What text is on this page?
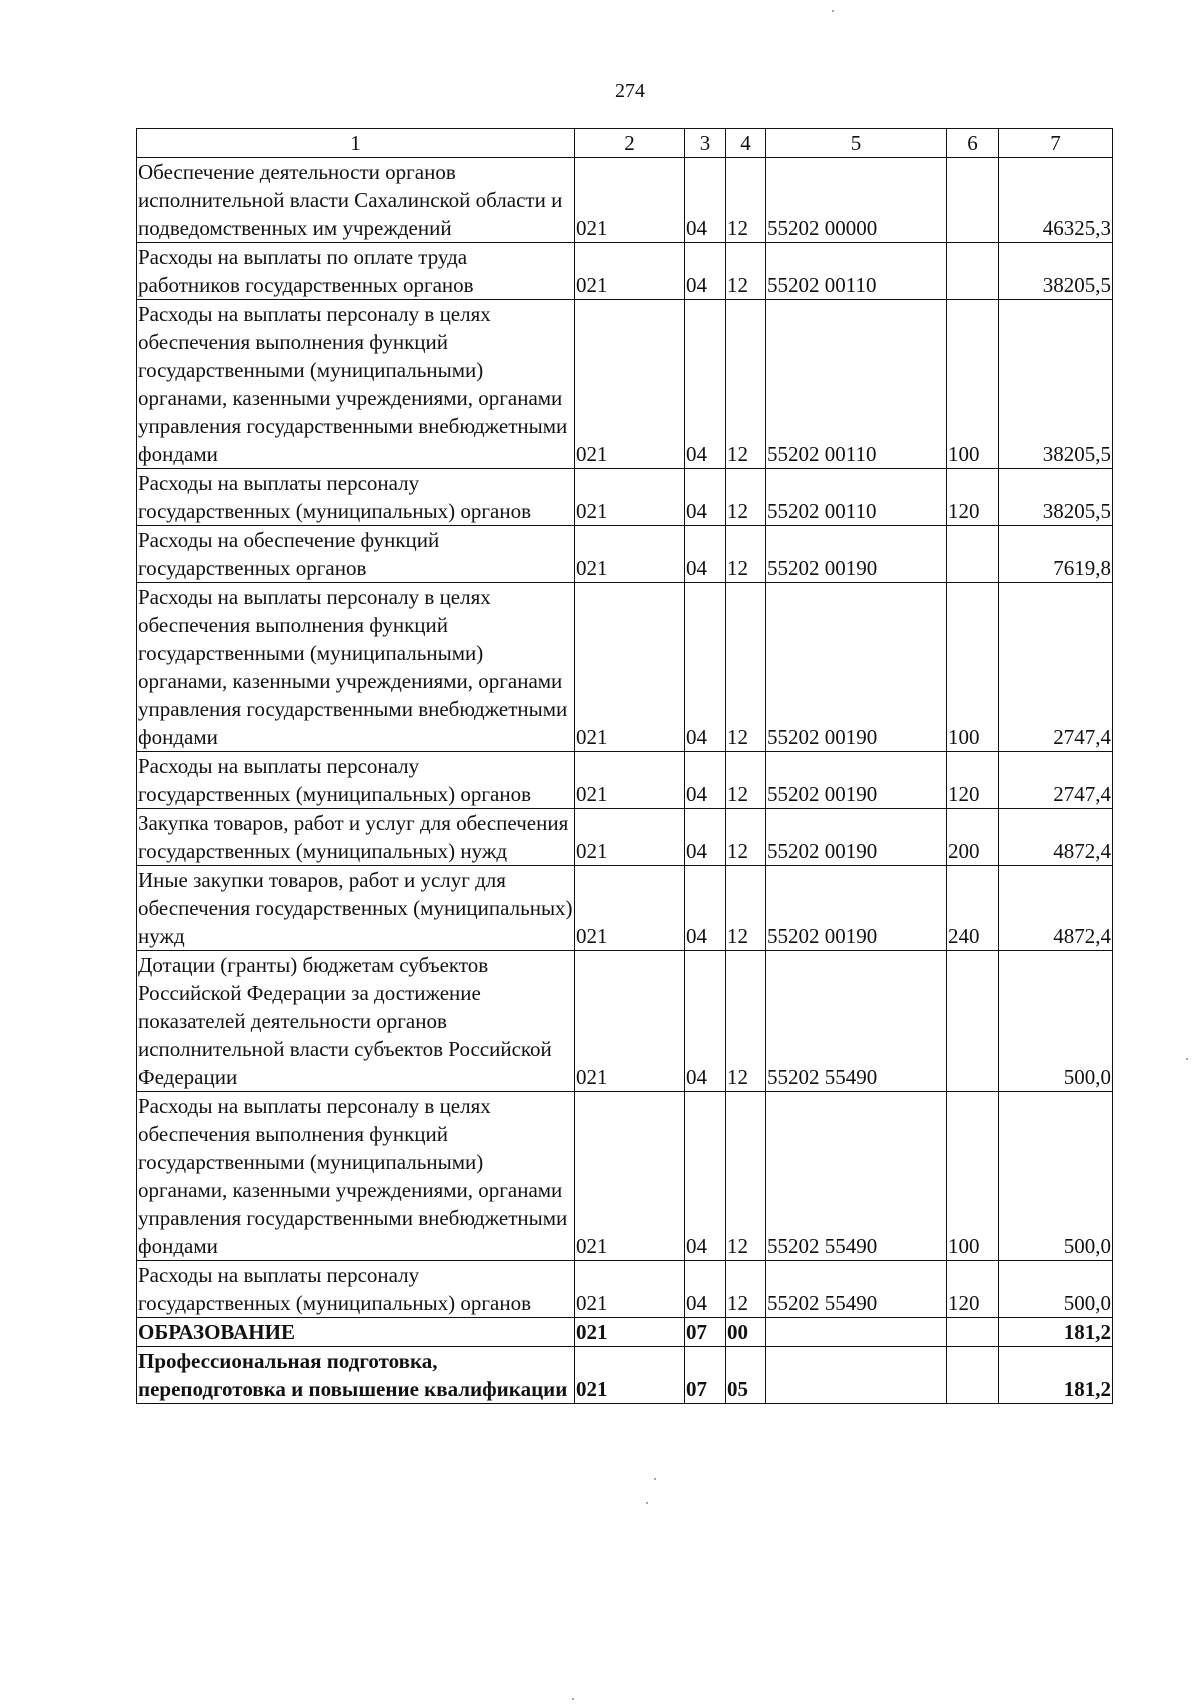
274
1	2	3	4	5	6	7
Обеспечение деятельности органов исполнительной власти Сахалинской области и подведомственных им учреждений	021	04	12	55202 00000		46325,3
Расходы на выплаты по оплате труда работников государственных органов	021	04	12	55202 00110		38205,5
Расходы на выплаты персоналу в целях обеспечения выполнения функций государственными (муниципальными) органами, казенными учреждениями, органами управления государственными внебюджетными фондами	021	04	12	55202 00110	100	38205,5
Расходы на выплаты персоналу государственных (муниципальных) органов	021	04	12	55202 00110	120	38205,5
Расходы на обеспечение функций государственных органов	021	04	12	55202 00190		7619,8
Расходы на выплаты персоналу в целях обеспечения выполнения функций государственными (муниципальными) органами, казенными учреждениями, органами управления государственными внебюджетными фондами	021	04	12	55202 00190	100	2747,4
Расходы на выплаты персоналу государственных (муниципальных) органов	021	04	12	55202 00190	120	2747,4
Закупка товаров, работ и услуг для обеспечения государственных (муниципальных) нужд	021	04	12	55202 00190	200	4872,4
Иные закупки товаров, работ и услуг для обеспечения государственных (муниципальных) нужд	021	04	12	55202 00190	240	4872,4
Дотации (гранты) бюджетам субъектов Российской Федерации за достижение показателей деятельности органов исполнительной власти субъектов Российской Федерации	021	04	12	55202 55490		500,0
Расходы на выплаты персоналу в целях обеспечения выполнения функций государственными (муниципальными) органами, казенными учреждениями, органами управления государственными внебюджетными фондами	021	04	12	55202 55490	100	500,0
Расходы на выплаты персоналу государственных (муниципальных) органов	021	04	12	55202 55490	120	500,0
ОБРАЗОВАНИЕ	021	07	00			181,2
Профессиональная подготовка, переподготовка и повышение квалификации	021	07	05			181,2
